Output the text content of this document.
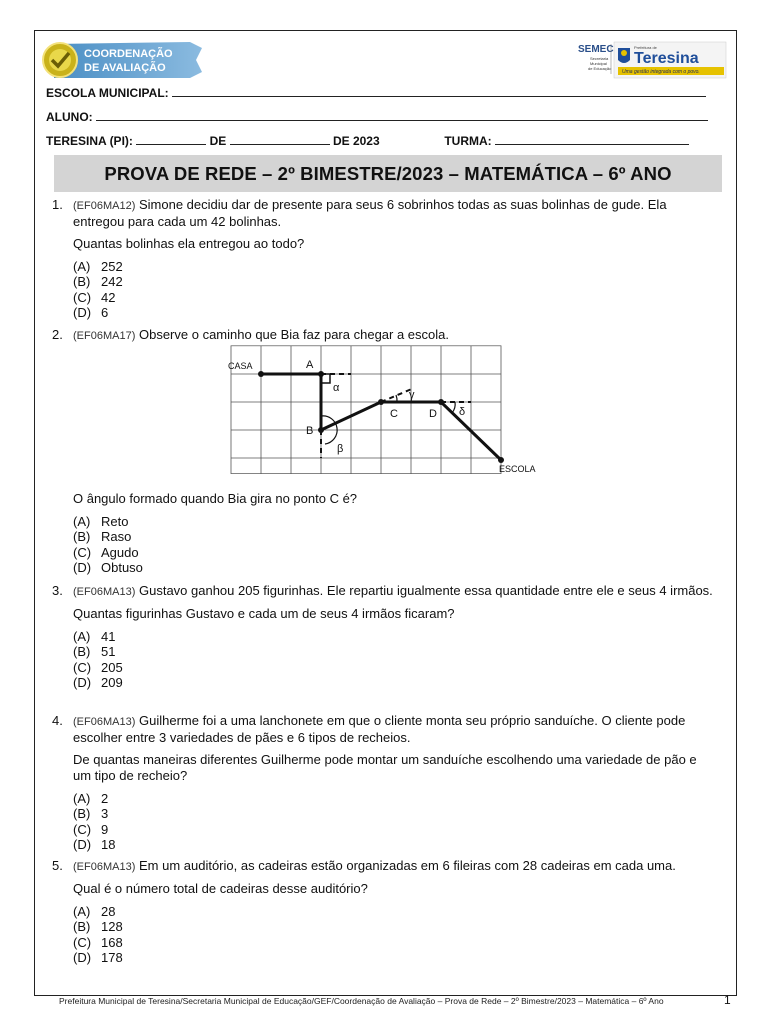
COORDENAÇÃO
DE AVALIAÇÃO
SEMEC
Secretaria
Municipal
de Educação
Prefeitura de
Teresina
Uma gestão integrada com o povo.
ESCOLA MUNICIPAL:
ALUNO:
TERESINA (PI):	DE	DE 2023	TURMA:
PROVA DE REDE – 2º BIMESTRE/2023 – MATEMÁTICA – 6º ANO
1. (EF06MA12) Simone decidiu dar de presente para seus 6 sobrinhos todas as suas bolinhas de gude. Ela entregou para cada um 42 bolinhas.

Quantas bolinhas ela entregou ao todo?

(A) 252
(B) 242
(C) 42
(D) 6
2. (EF06MA17) Observe o caminho que Bia faz para chegar a escola.

CASA	A
α
B
β
C
γ
D δ
ESCOLA

O ângulo formado quando Bia gira no ponto C é?

(A) Reto
(B) Raso
(C) Agudo
(D) Obtuso
3. (EF06MA13) Gustavo ganhou 205 figurinhas. Ele repartiu igualmente essa quantidade entre ele e seus 4 irmãos.

Quantas figurinhas Gustavo e cada um de seus 4 irmãos ficaram?

(A) 41
(B) 51
(C) 205
(D) 209
4. (EF06MA13) Guilherme foi a uma lanchonete em que o cliente monta seu próprio sanduíche. O cliente pode escolher entre 3 variedades de pães e 6 tipos de recheios.

De quantas maneiras diferentes Guilherme pode montar um sanduíche escolhendo uma variedade de pão e um tipo de recheio?

(A) 2
(B) 3
(C) 9
(D) 18
5. (EF06MA13) Em um auditório, as cadeiras estão organizadas em 6 fileiras com 28 cadeiras em cada uma.

Qual é o número total de cadeiras desse auditório?

(A) 28
(B) 128
(C) 168
(D) 178
Prefeitura Municipal de Teresina/Secretaria Municipal de Educação/GEF/Coordenação de Avaliação – Prova de Rede – 2º Bimestre/2023 – Matemática – 6º Ano	1
